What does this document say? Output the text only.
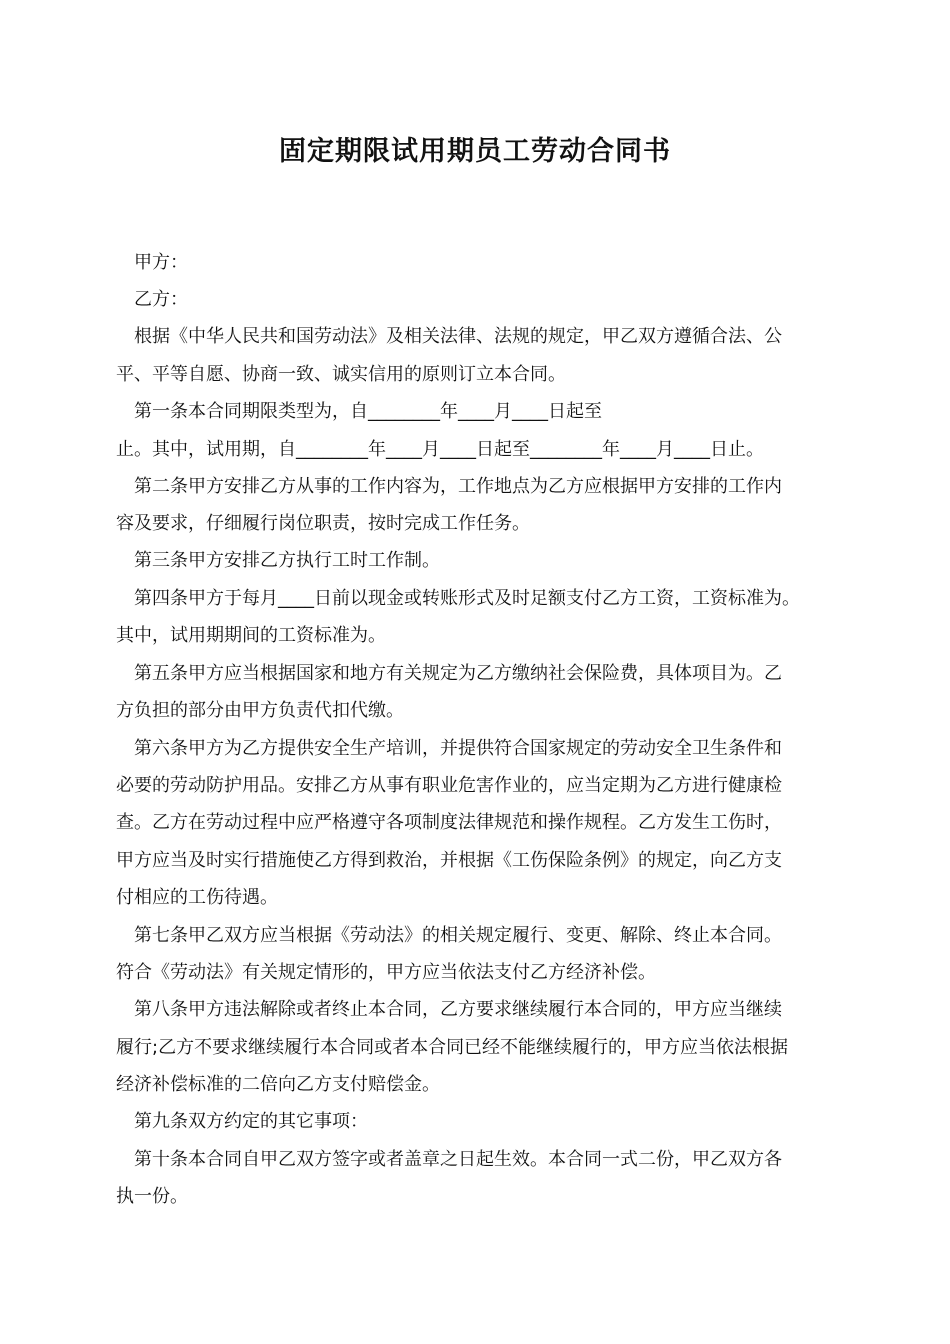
固定期限试用期员工劳动合同书
　甲方：
　乙方：
　根据《中华人民共和国劳动法》及相关法律、法规的规定，甲乙双方遵循合法、公
平、平等自愿、协商一致、诚实信用的原则订立本合同。
　第一条本合同期限类型为，自________年____月____日起至
止。其中，试用期，自________年____月____日起至________年____月____日止。
　第二条甲方安排乙方从事的工作内容为，工作地点为乙方应根据甲方安排的工作内
容及要求，仔细履行岗位职责，按时完成工作任务。
　第三条甲方安排乙方执行工时工作制。
　第四条甲方于每月____日前以现金或转账形式及时足额支付乙方工资，工资标准为。
其中，试用期期间的工资标准为。
　第五条甲方应当根据国家和地方有关规定为乙方缴纳社会保险费，具体项目为。乙
方负担的部分由甲方负责代扣代缴。
　第六条甲方为乙方提供安全生产培训，并提供符合国家规定的劳动安全卫生条件和
必要的劳动防护用品。安排乙方从事有职业危害作业的，应当定期为乙方进行健康检
查。乙方在劳动过程中应严格遵守各项制度法律规范和操作规程。乙方发生工伤时，
甲方应当及时实行措施使乙方得到救治，并根据《工伤保险条例》的规定，向乙方支
付相应的工伤待遇。
　第七条甲乙双方应当根据《劳动法》的相关规定履行、变更、解除、终止本合同。
符合《劳动法》有关规定情形的，甲方应当依法支付乙方经济补偿。
　第八条甲方违法解除或者终止本合同，乙方要求继续履行本合同的，甲方应当继续
履行;乙方不要求继续履行本合同或者本合同已经不能继续履行的，甲方应当依法根据
经济补偿标准的二倍向乙方支付赔偿金。
　第九条双方约定的其它事项：
　第十条本合同自甲乙双方签字或者盖章之日起生效。本合同一式二份，甲乙双方各
执一份。
